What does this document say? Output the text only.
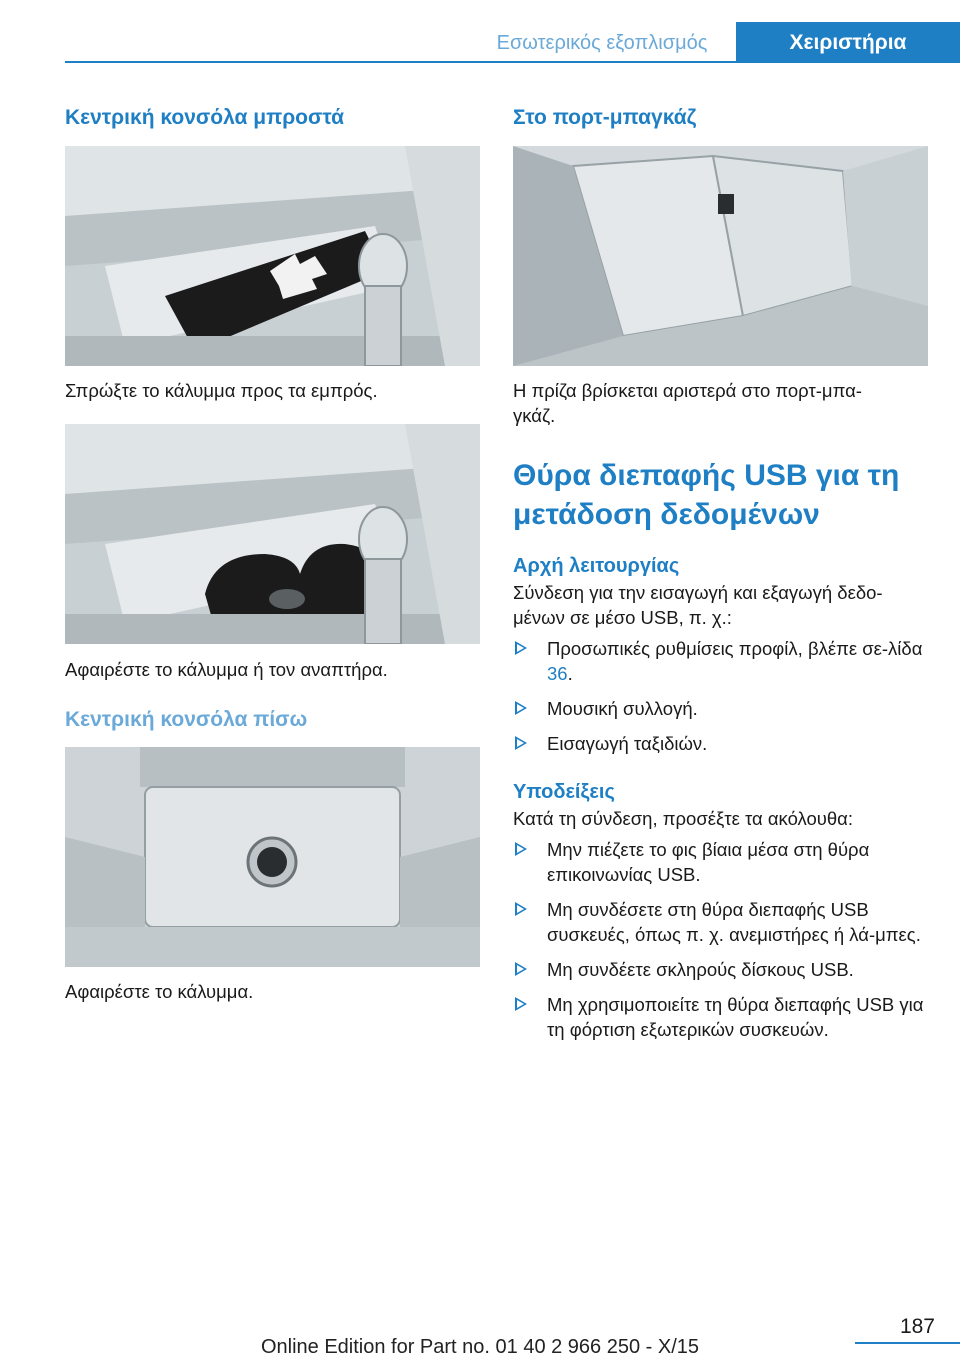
Εσωτερικός εξοπλισμός	Χειριστήρια
Κεντρική κονσόλα μπροστά

Σπρώξτε το κάλυμμα προς τα εμπρός.

Αφαιρέστε το κάλυμμα ή τον αναπτήρα.

Κεντρική κονσόλα πίσω

Αφαιρέστε το κάλυμμα.

Στο πορτ-μπαγκάζ

Η πρίζα βρίσκεται αριστερά στο πορτ-μπα-
γκάζ.

Θύρα διεπαφής USB για τη μετάδοση δεδομένων
Αρχή λειτουργίας

Σύνδεση για την εισαγωγή και εξαγωγή δεδο-μένων σε μέσο USB, π. χ.:

Προσωπικές ρυθμίσεις προφίλ, βλέπε σε-λίδα 36.
Μουσική συλλογή.
Εισαγωγή ταξιδιών.
Υποδείξεις

Κατά τη σύνδεση, προσέξτε τα ακόλουθα:

Μην πιέζετε το φις βίαια μέσα στη θύρα επικοινωνίας USB.
Μη συνδέσετε στη θύρα διεπαφής USB συσκευές, όπως π. χ. ανεμιστήρες ή λά-μπες.
Μη συνδέετε σκληρούς δίσκους USB.
Μη χρησιμοποιείτε τη θύρα διεπαφής USB για τη φόρτιση εξωτερικών συσκευών.
187
Online Edition for Part no. 01 40 2 966 250 - X/15
